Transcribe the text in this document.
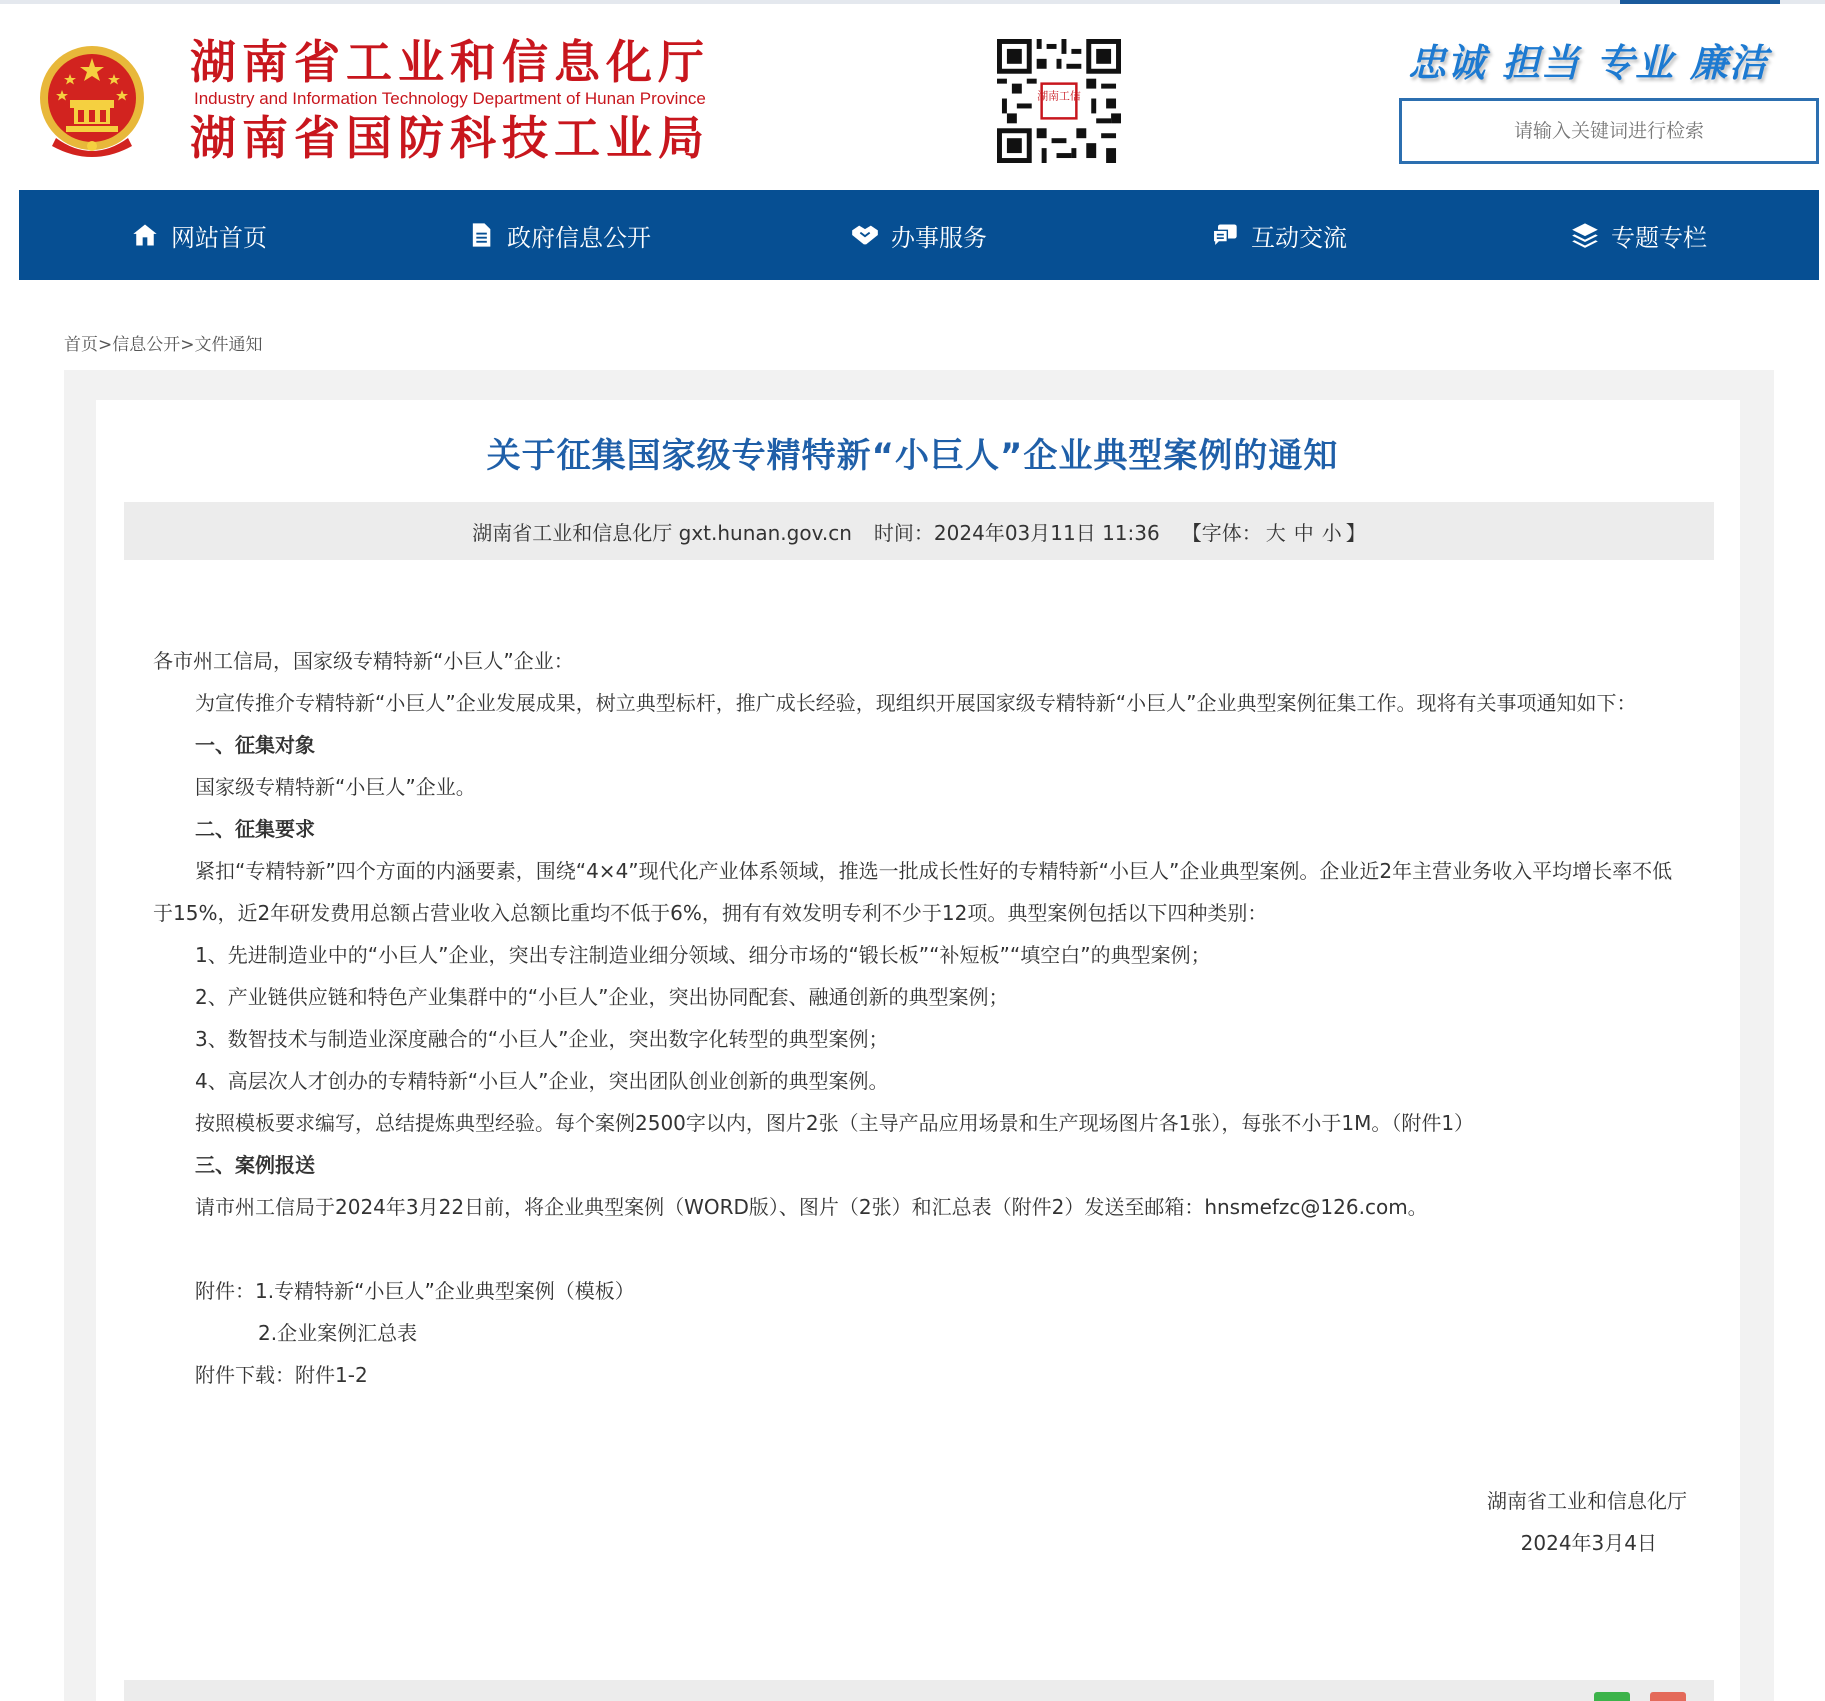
湖南省工业和信息化厅
Industry and Information Technology Department of Hunan Province
湖南省国防科技工业局
湖南工信
忠诚 担当 专业 廉洁
请输入关键词进行检索
网站首页	政府信息公开	办事服务	互动交流	专题专栏
首页>信息公开>文件通知
关于征集国家级专精特新“小巨人”企业典型案例的通知
湖南省工业和信息化厅 gxt.hunan.gov.cn 时间：2024年03月11日 11:36 【字体： 大 中 小 】
各市州工信局，国家级专精特新“小巨人”企业：
为宣传推介专精特新“小巨人”企业发展成果，树立典型标杆，推广成长经验，现组织开展国家级专精特新“小巨人”企业典型案例征集工作。现将有关事项通知如下：
一、征集对象
国家级专精特新“小巨人”企业。
二、征集要求
紧扣“专精特新”四个方面的内涵要素，围绕“4×4”现代化产业体系领域，推选一批成长性好的专精特新“小巨人”企业典型案例。企业近2年主营业务收入平均增长率不低于15%，近2年研发费用总额占营业收入总额比重均不低于6%，拥有有效发明专利不少于12项。典型案例包括以下四种类别：
1、先进制造业中的“小巨人”企业，突出专注制造业细分领域、细分市场的“锻长板”“补短板”“填空白”的典型案例；
2、产业链供应链和特色产业集群中的“小巨人”企业，突出协同配套、融通创新的典型案例；
3、数智技术与制造业深度融合的“小巨人”企业，突出数字化转型的典型案例；
4、高层次人才创办的专精特新“小巨人”企业，突出团队创业创新的典型案例。
按照模板要求编写，总结提炼典型经验。每个案例2500字以内，图片2张（主导产品应用场景和生产现场图片各1张），每张不小于1M。（附件1）
三、案例报送
请市州工信局于2024年3月22日前，将企业典型案例（WORD版）、图片（2张）和汇总表（附件2）发送至邮箱：hnsmefzc@126.com。
附件：1.专精特新“小巨人”企业典型案例（模板）
2.企业案例汇总表
附件下载：附件1-2
湖南省工业和信息化厅
2024年3月4日
